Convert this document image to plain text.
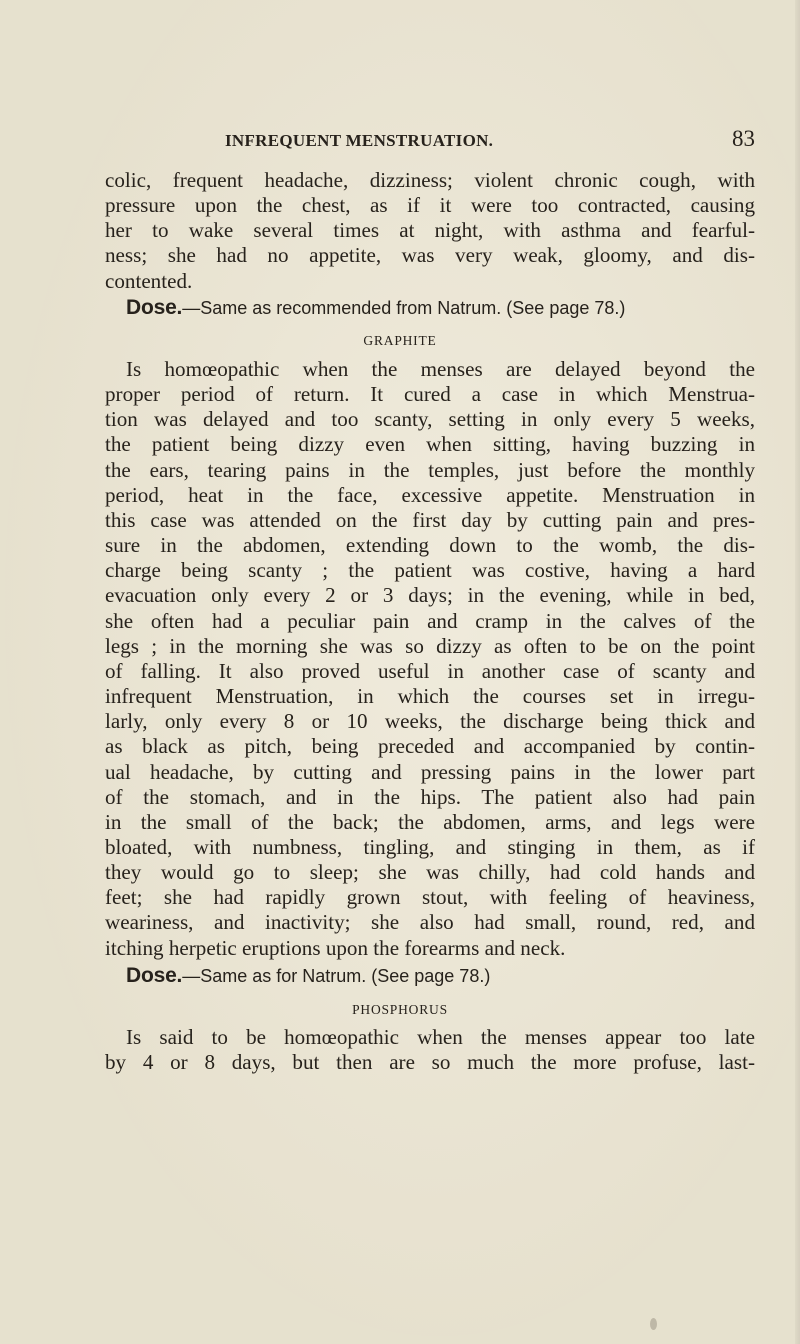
INFREQUENT MENSTRUATION.	83
colic, frequent headache, dizziness; violent chronic cough, with
pressure upon the chest, as if it were too contracted, causing
her to wake several times at night, with asthma and fearful-
ness; she had no appetite, was very weak, gloomy, and dis-
contented.
Dose.—Same as recommended from Natrum. (See page 78.)
GRAPHITE
Is homœopathic when the menses are delayed beyond the
proper period of return. It cured a case in which Menstrua-
tion was delayed and too scanty, setting in only every 5 weeks,
the patient being dizzy even when sitting, having buzzing in
the ears, tearing pains in the temples, just before the monthly
period, heat in the face, excessive appetite. Menstruation in
this case was attended on the first day by cutting pain and pres-
sure in the abdomen, extending down to the womb, the dis-
charge being scanty ; the patient was costive, having a hard
evacuation only every 2 or 3 days; in the evening, while in bed,
she often had a peculiar pain and cramp in the calves of the
legs ; in the morning she was so dizzy as often to be on the point
of falling. It also proved useful in another case of scanty and
infrequent Menstruation, in which the courses set in irregu-
larly, only every 8 or 10 weeks, the discharge being thick and
as black as pitch, being preceded and accompanied by contin-
ual headache, by cutting and pressing pains in the lower part
of the stomach, and in the hips. The patient also had pain
in the small of the back; the abdomen, arms, and legs were
bloated, with numbness, tingling, and stinging in them, as if
they would go to sleep; she was chilly, had cold hands and
feet; she had rapidly grown stout, with feeling of heaviness,
weariness, and inactivity; she also had small, round, red, and
itching herpetic eruptions upon the forearms and neck.
Dose.—Same as for Natrum. (See page 78.)
PHOSPHORUS
Is said to be homœopathic when the menses appear too late
by 4 or 8 days, but then are so much the more profuse, last-
